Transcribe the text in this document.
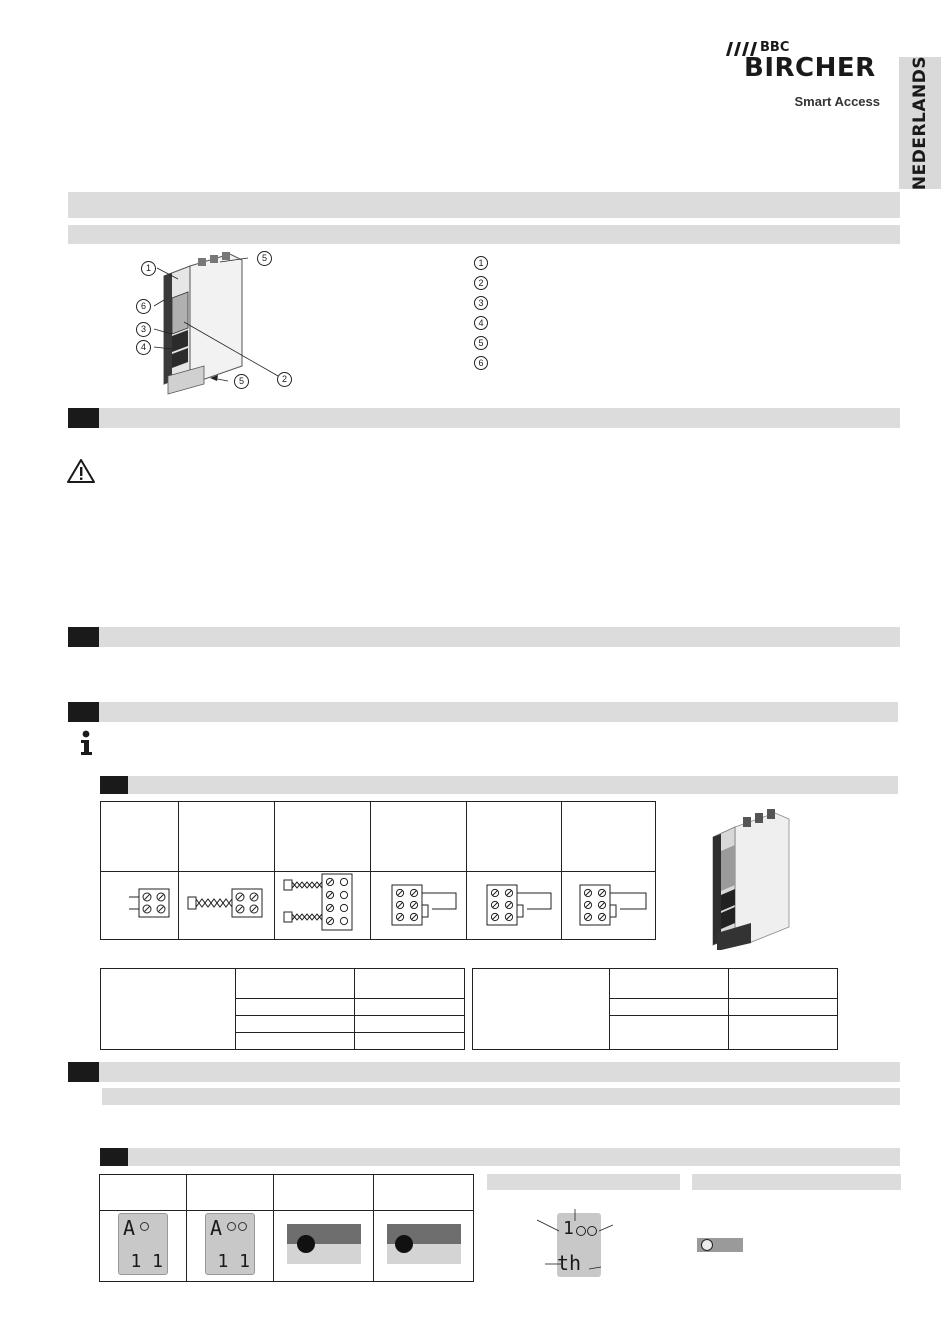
BBC
BIRCHER
Smart Access NEDERLANDS
1
5
6
3
4
2
5
1
2
3
4
5
6

A
1 1	A
1 1		

1
th
